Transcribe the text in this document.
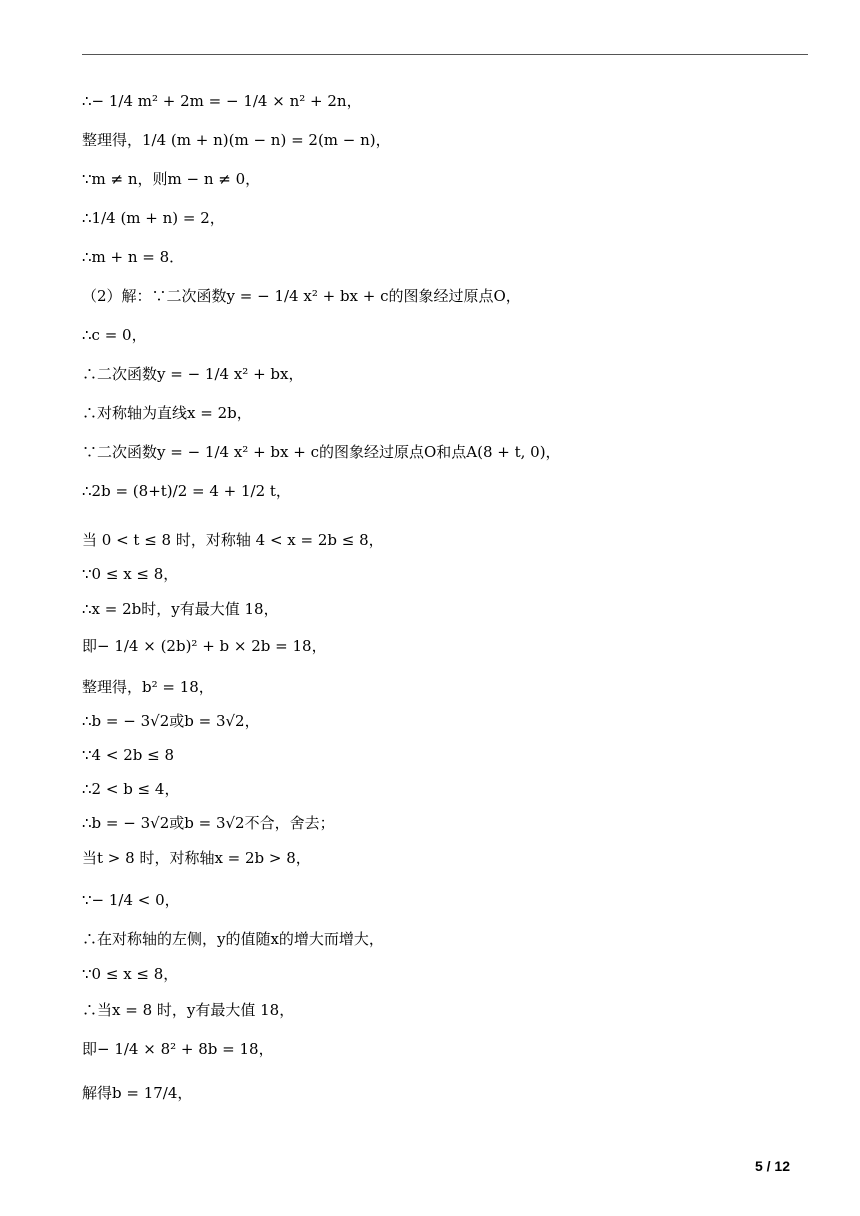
∴− 1/4 m² + 2m = − 1/4 × n² + 2n，
整理得，1/4 (m + n)(m − n) = 2(m − n)，
∵m ≠ n，则m − n ≠ 0，
∴1/4 (m + n) = 2，
∴m + n = 8．
（2）解：∵二次函数y = − 1/4 x² + bx + c的图象经过原点O，
∴c = 0，
∴二次函数y = − 1/4 x² + bx，
∴对称轴为直线x = 2b，
∵二次函数y = − 1/4 x² + bx + c的图象经过原点O和点A(8 + t, 0)，
∴2b = (8+t)/2 = 4 + 1/2 t，
当 0 < t ≤ 8 时，对称轴 4 < x = 2b ≤ 8，
∵0 ≤ x ≤ 8，
∴x = 2b时，y有最大值 18，
即− 1/4 × (2b)² + b × 2b = 18，
整理得，b² = 18，
∴b = − 3√2或b = 3√2，
∵4 < 2b ≤ 8
∴2 < b ≤ 4，
∴b = − 3√2或b = 3√2不合，舍去；
当t > 8 时，对称轴x = 2b > 8，
∵− 1/4 < 0，
∴在对称轴的左侧，y的值随x的增大而增大，
∵0 ≤ x ≤ 8，
∴当x = 8 时，y有最大值 18，
即− 1/4 × 8² + 8b = 18，
解得b = 17/4，
5 / 12
